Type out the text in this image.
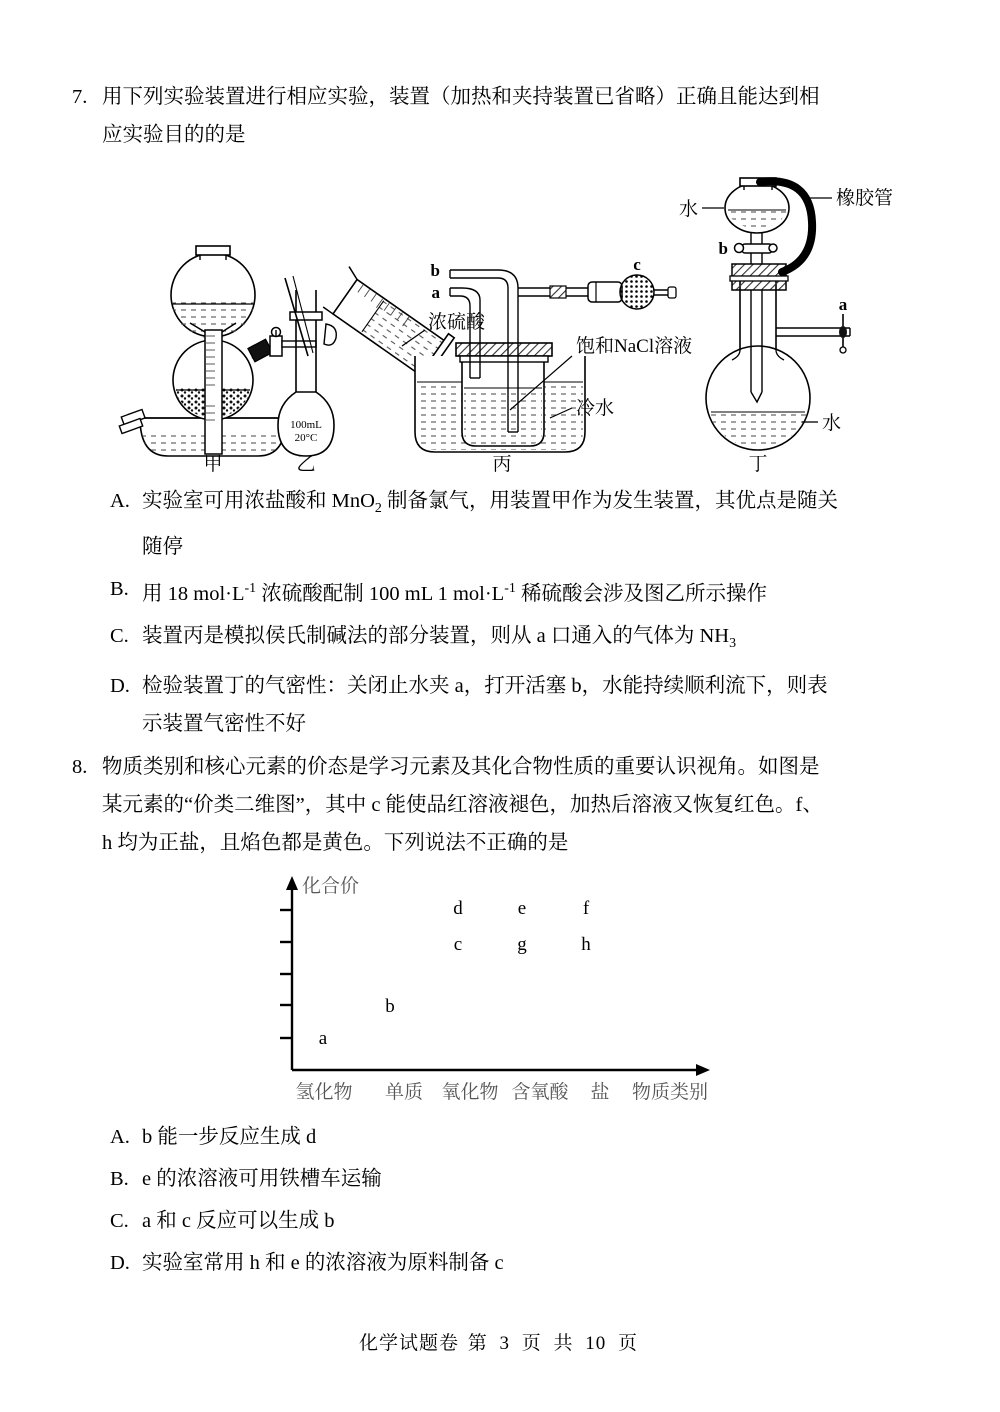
7. 用下列实验装置进行相应实验，装置（加热和夹持装置已省略）正确且能达到相
应实验目的的是
甲
100mL
20°C
浓硫酸
乙
b
a
c
饱和NaCl溶液
冷水
丙
a
b
橡胶管
水
水
丁
A. 实验室可用浓盐酸和 MnO$_2$ 制备氯气，用装置甲作为发生装置，其优点是随关
随停
B. 用 18 $mol\cdot L^{-1}$ 浓硫酸配制 100 mL 1 $mol\cdot L^{-1}$ 稀硫酸会涉及图乙所示操作
C. 装置丙是模拟侯氏制碱法的部分装置，则从 a 口通入的气体为 $NH_3$
D. 检验装置丁的气密性：关闭止水夹 a，打开活塞 b，水能持续顺利流下，则表
示装置气密性不好
8. 物质类别和核心元素的价态是学习元素及其化合物性质的重要认识视角。如图是
某元素的“价类二维图”，其中 c 能使品红溶液褪色，加热后溶液又恢复红色。f、
h 均为正盐，且焰色都是黄色。下列说法不正确的是
化合价
a
b
c
d
g
e
h
f
氢化物 单质 氧化物 含氧酸 盐 物质类别
A. b 能一步反应生成 d
B. e 的浓溶液可用铁槽车运输
C. a 和 c 反应可以生成 b
D. 实验室常用 h 和 e 的浓溶液为原料制备 c
化学试题卷 第 3 页 共 10 页
